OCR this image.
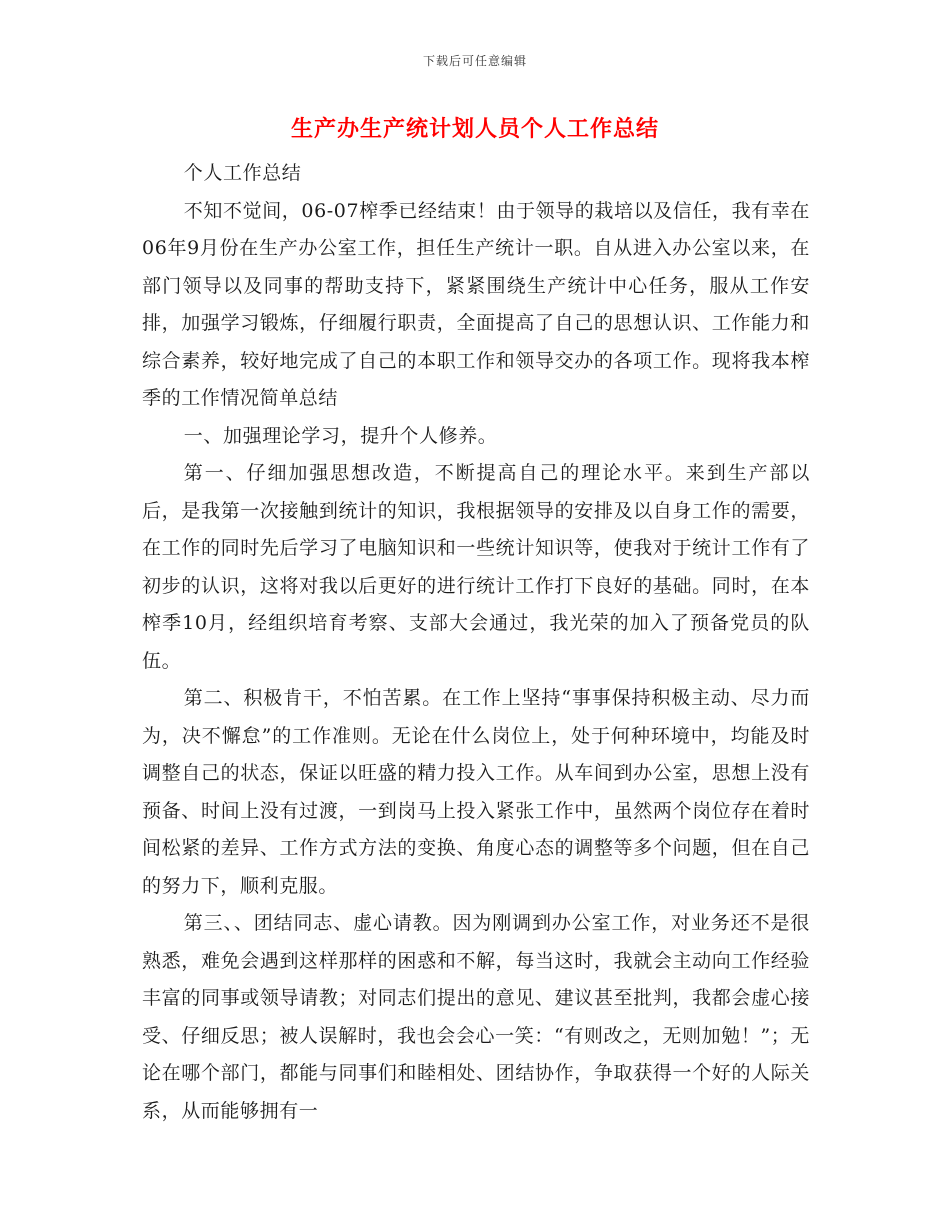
下载后可任意编辑
生产办生产统计划人员个人工作总结

个人工作总结

不知不觉间，06-07榨季已经结束！由于领导的栽培以及信任，我有幸在06年9月份在生产办公室工作，担任生产统计一职。自从进入办公室以来，在部门领导以及同事的帮助支持下，紧紧围绕生产统计中心任务，服从工作安排，加强学习锻炼，仔细履行职责，全面提高了自己的思想认识、工作能力和综合素养，较好地完成了自己的本职工作和领导交办的各项工作。现将我本榨季的工作情况简单总结

一、加强理论学习，提升个人修养。

第一、仔细加强思想改造，不断提高自己的理论水平。来到生产部以后，是我第一次接触到统计的知识，我根据领导的安排及以自身工作的需要，在工作的同时先后学习了电脑知识和一些统计知识等，使我对于统计工作有了初步的认识，这将对我以后更好的进行统计工作打下良好的基础。同时，在本榨季10月，经组织培育考察、支部大会通过，我光荣的加入了预备党员的队伍。

第二、积极肯干，不怕苦累。在工作上坚持“事事保持积极主动、尽力而为，决不懈怠”的工作准则。无论在什么岗位上，处于何种环境中，均能及时调整自己的状态，保证以旺盛的精力投入工作。从车间到办公室，思想上没有预备、时间上没有过渡，一到岗马上投入紧张工作中，虽然两个岗位存在着时间松紧的差异、工作方式方法的变换、角度心态的调整等多个问题，但在自己的努力下，顺利克服。

第三、、团结同志、虚心请教。因为刚调到办公室工作，对业务还不是很熟悉，难免会遇到这样那样的困惑和不解，每当这时，我就会主动向工作经验丰富的同事或领导请教；对同志们提出的意见、建议甚至批判，我都会虚心接受、仔细反思；被人误解时，我也会会心一笑：“有则改之，无则加勉！”；无论在哪个部门，都能与同事们和睦相处、团结协作，争取获得一个好的人际关系，从而能够拥有一
